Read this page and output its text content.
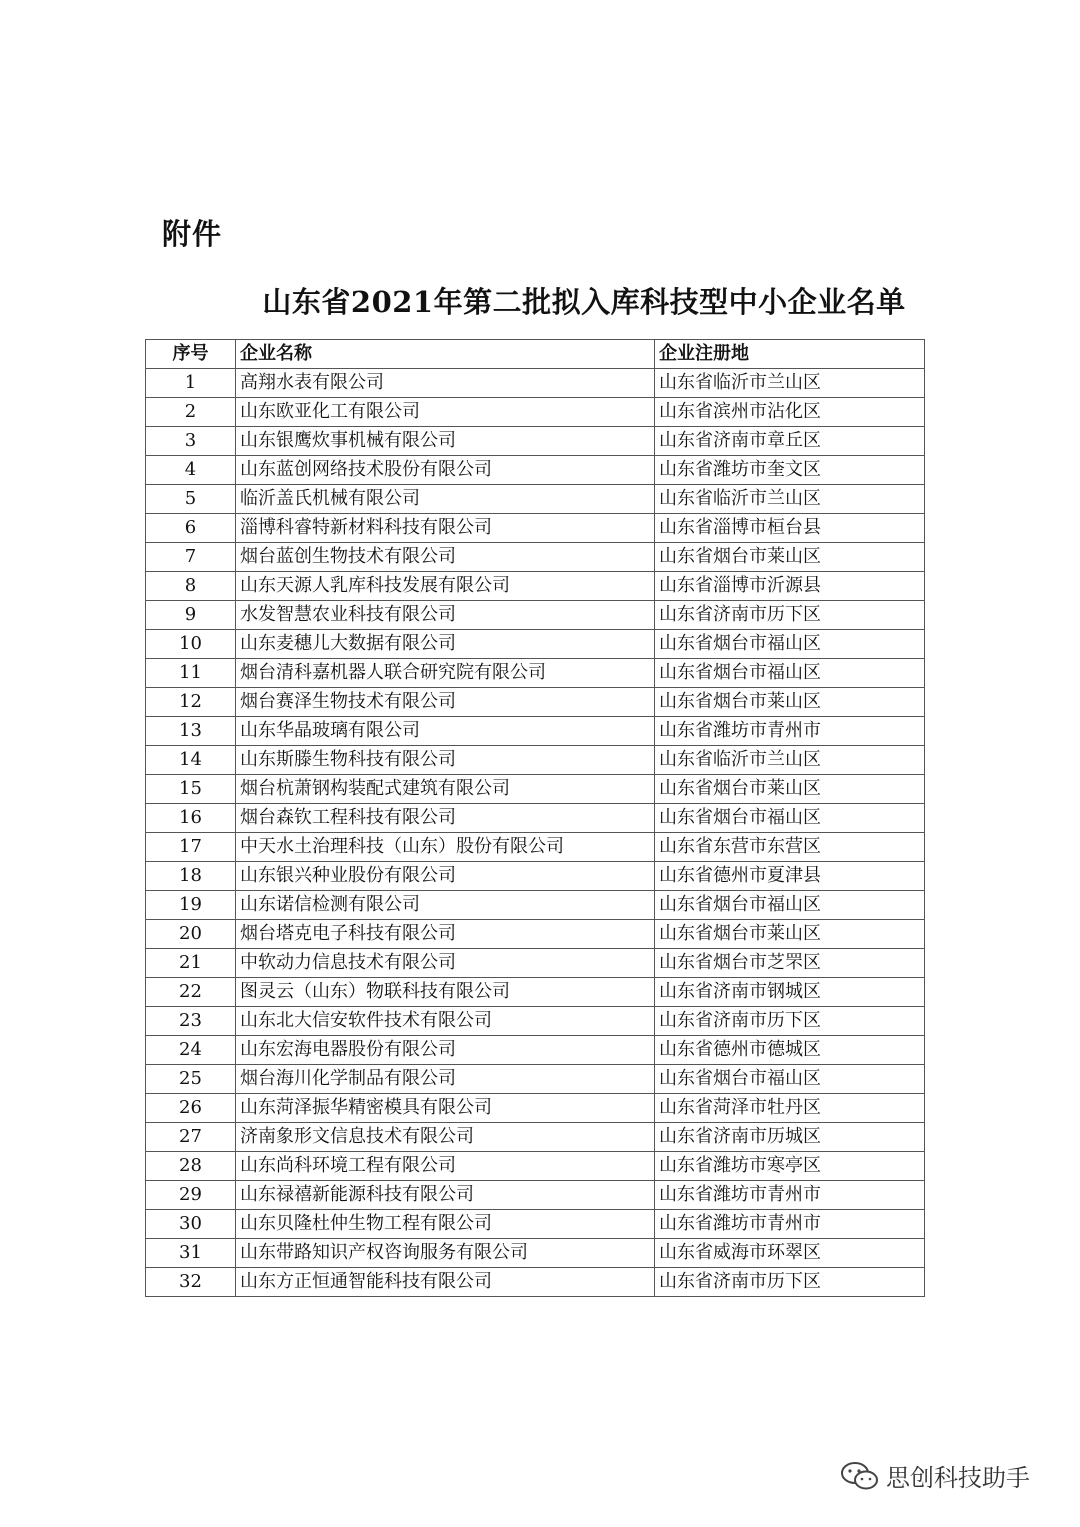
附件
山东省2021年第二批拟入库科技型中小企业名单
序号	企业名称	企业注册地
1	高翔水表有限公司	山东省临沂市兰山区
2	山东欧亚化工有限公司	山东省滨州市沾化区
3	山东银鹰炊事机械有限公司	山东省济南市章丘区
4	山东蓝创网络技术股份有限公司	山东省潍坊市奎文区
5	临沂盖氏机械有限公司	山东省临沂市兰山区
6	淄博科睿特新材料科技有限公司	山东省淄博市桓台县
7	烟台蓝创生物技术有限公司	山东省烟台市莱山区
8	山东天源人乳库科技发展有限公司	山东省淄博市沂源县
9	水发智慧农业科技有限公司	山东省济南市历下区
10	山东麦穗儿大数据有限公司	山东省烟台市福山区
11	烟台清科嘉机器人联合研究院有限公司	山东省烟台市福山区
12	烟台赛泽生物技术有限公司	山东省烟台市莱山区
13	山东华晶玻璃有限公司	山东省潍坊市青州市
14	山东斯滕生物科技有限公司	山东省临沂市兰山区
15	烟台杭萧钢构装配式建筑有限公司	山东省烟台市莱山区
16	烟台森钦工程科技有限公司	山东省烟台市福山区
17	中天水土治理科技（山东）股份有限公司	山东省东营市东营区
18	山东银兴种业股份有限公司	山东省德州市夏津县
19	山东诺信检测有限公司	山东省烟台市福山区
20	烟台塔克电子科技有限公司	山东省烟台市莱山区
21	中软动力信息技术有限公司	山东省烟台市芝罘区
22	图灵云（山东）物联科技有限公司	山东省济南市钢城区
23	山东北大信安软件技术有限公司	山东省济南市历下区
24	山东宏海电器股份有限公司	山东省德州市德城区
25	烟台海川化学制品有限公司	山东省烟台市福山区
26	山东菏泽振华精密模具有限公司	山东省菏泽市牡丹区
27	济南象形文信息技术有限公司	山东省济南市历城区
28	山东尚科环境工程有限公司	山东省潍坊市寒亭区
29	山东禄禧新能源科技有限公司	山东省潍坊市青州市
30	山东贝隆杜仲生物工程有限公司	山东省潍坊市青州市
31	山东带路知识产权咨询服务有限公司	山东省威海市环翠区
32	山东方正恒通智能科技有限公司	山东省济南市历下区
思创科技助手
